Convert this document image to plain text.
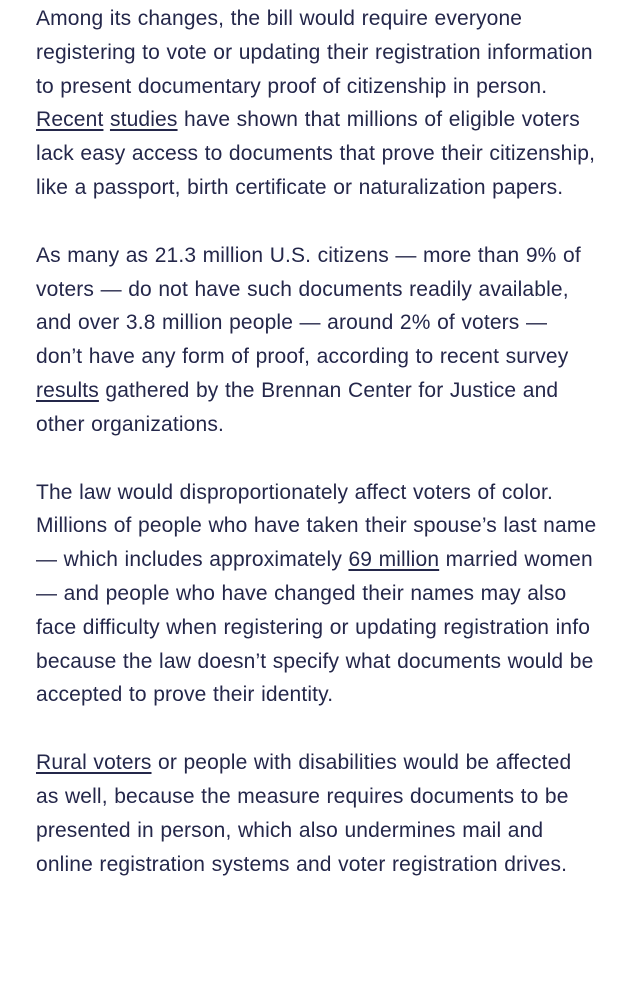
Among its changes, the bill would require everyone registering to vote or updating their registration information to present documentary proof of citizenship in person. Recent studies have shown that millions of eligible voters lack easy access to documents that prove their citizenship, like a passport, birth certificate or naturalization papers.

As many as 21.3 million U.S. citizens — more than 9% of voters — do not have such documents readily available, and over 3.8 million people — around 2% of voters — don’t have any form of proof, according to recent survey results gathered by the Brennan Center for Justice and other organizations.

The law would disproportionately affect voters of color. Millions of people who have taken their spouse’s last name — which includes approximately 69 million married women — and people who have changed their names may also face difficulty when registering or updating registration info because the law doesn’t specify what documents would be accepted to prove their identity.

Rural voters or people with disabilities would be affected as well, because the measure requires documents to be presented in person, which also undermines mail and online registration systems and voter registration drives.
